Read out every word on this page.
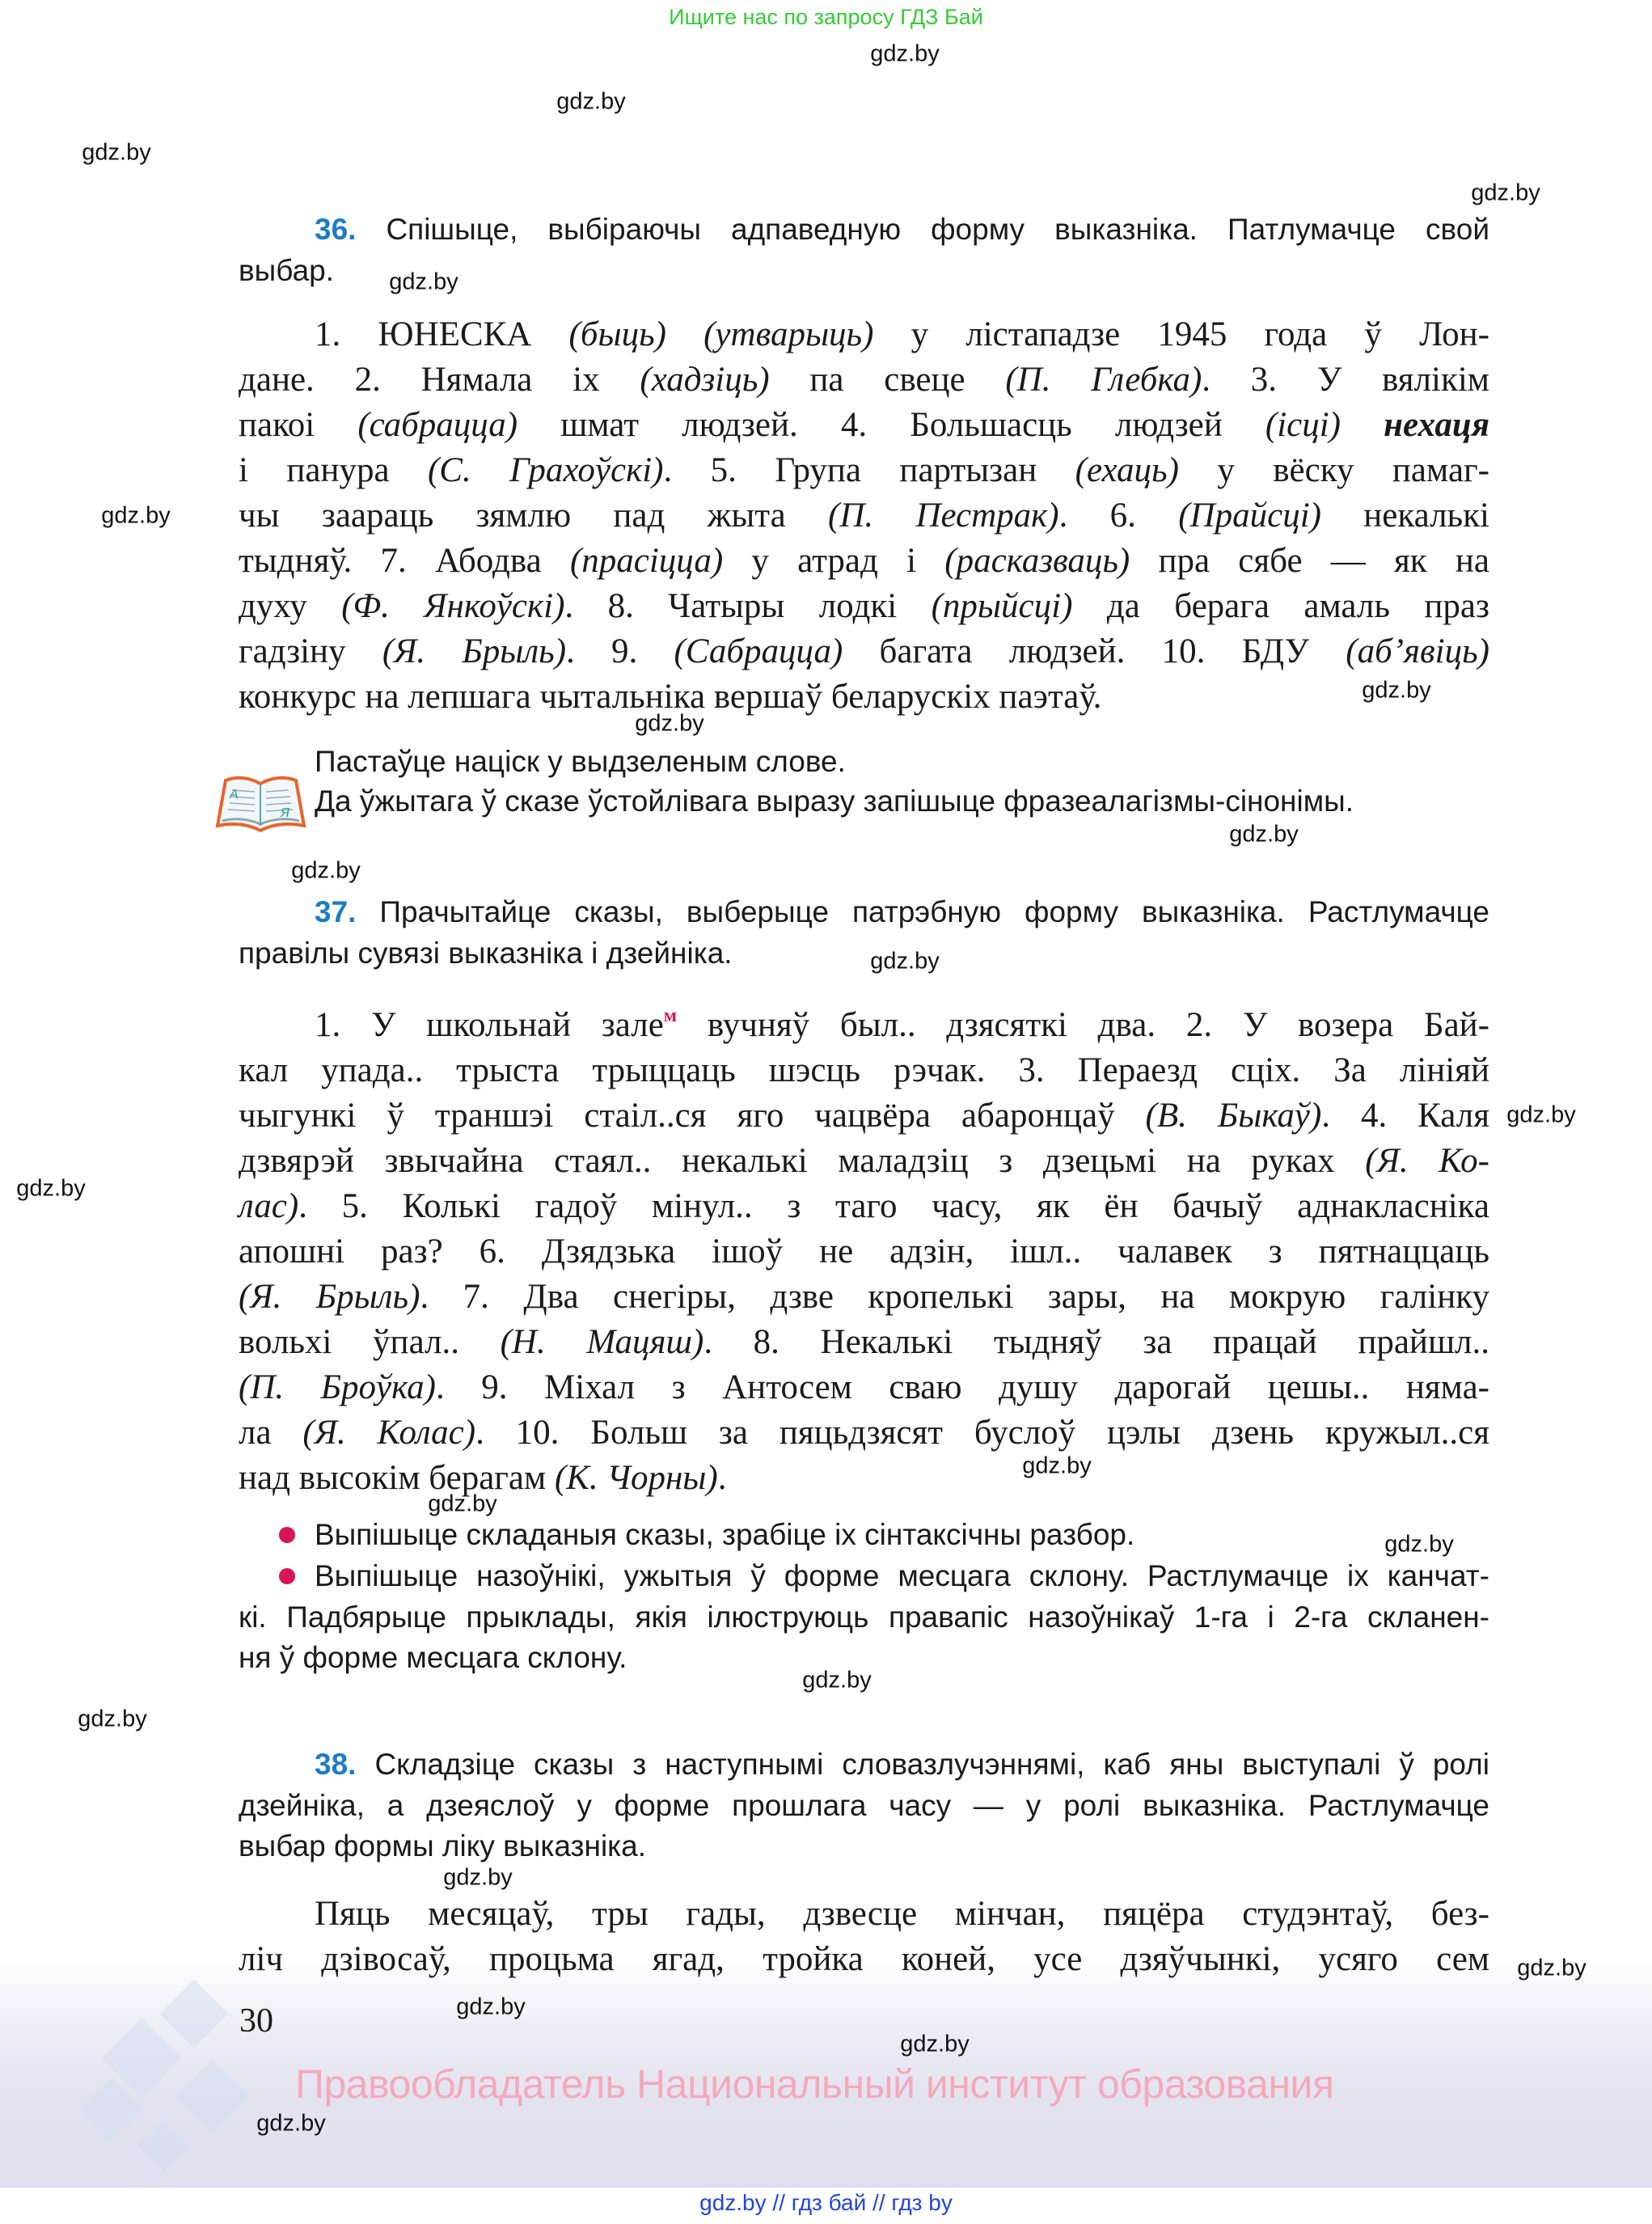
Ищите нас по запросу ГДЗ Бай
36. Спішыце, выбіраючы адпаведную форму выказніка. Патлумачце свой
выбар.
1. ЮНЕСКА (быць) (утварыць) у лістападзе 1945 года ў Лон-
дане. 2. Нямала іх (хадзіць) па свеце (П. Глебка). 3. У вялікім
пакоі (сабрацца) шмат людзей. 4. Большасць людзей (ісці) нехаця
і панура (С. Грахоўскі). 5. Група партызан (ехаць) у вёску памаг-
чы заараць зямлю пад жыта (П. Пестрак). 6. (Прайсці) некалькі
тыдняў. 7. Абодва (прасіцца) у атрад і (расказваць) пра сябе — як на
духу (Ф. Янкоўскі). 8. Чатыры лодкі (прыйсці) да берага амаль праз
гадзіну (Я. Брыль). 9. (Сабрацца) багата людзей. 10. БДУ (аб’явіць)
конкурс на лепшага чытальніка вершаў беларускіх паэтаў.
Пастаўце націск у выдзеленым слове.
Да ўжытага ў сказе ўстойлівага выразу запішыце фразеалагізмы-сінонімы.
А
Я
37. Прачытайце сказы, выберыце патрэбную форму выказніка. Растлумачце
правілы сувязі выказніка і дзейніка.
1. У школьнай зале$^м$ вучняў был.. дзясяткі два. 2. У возера Бай-
кал упада.. трыста трыццаць шэсць рэчак. 3. Пераезд сціх. За лініяй
чыгункі ў траншэі стаіл..ся яго чацвёра абаронцаў (В. Быкаў). 4. Каля
дзвярэй звычайна стаял.. некалькі маладзіц з дзецьмі на руках (Я. Ко-
лас). 5. Колькі гадоў мінул.. з таго часу, як ён бачыў аднакласніка
апошні раз? 6. Дзядзька ішоў не адзін, ішл.. чалавек з пятнаццаць
(Я. Брыль). 7. Два снегіры, дзве кропелькі зары, на мокрую галінку
вольхі ўпал.. (Н. Мацяш). 8. Некалькі тыдняў за працай прайшл..
(П. Броўка). 9. Міхал з Антосем сваю душу дарогай цешы.. няма-
ла (Я. Колас). 10. Больш за пяцьдзясят буслоў цэлы дзень кружыл..ся
над высокім берагам (К. Чорны).
Выпішыце складаныя сказы, зрабіце іх сінтаксічны разбор.
Выпішыце назоўнікі, ужытыя ў форме месцага склону. Растлумачце іх канчат-
кі. Падбярыце прыклады, якія ілюструюць правапіс назоўнікаў 1-га і 2-га скланен-
ня ў форме месцага склону.
38. Складзіце сказы з наступнымі словазлучэннямі, каб яны выступалі ў ролі
дзейніка, а дзеяслоў у форме прошлага часу — у ролі выказніка. Растлумачце
выбар формы ліку выказніка.
Пяць месяцаў, тры гады, дзвесце мінчан, пяцёра студэнтаў, без-
ліч дзівосаў, процьма ягад, тройка коней, усе дзяўчынкі, усяго сем
30
Правообладатель Национальный институт образования
gdz.by // гдз бай // гдз by
gdz.by
gdz.by
gdz.by
gdz.by
gdz.by
gdz.by
gdz.by
gdz.by
gdz.by
gdz.by
gdz.by
gdz.by
gdz.by
gdz.by
gdz.by
gdz.by
gdz.by
gdz.by
gdz.by
gdz.by
gdz.by
gdz.by
gdz.by
